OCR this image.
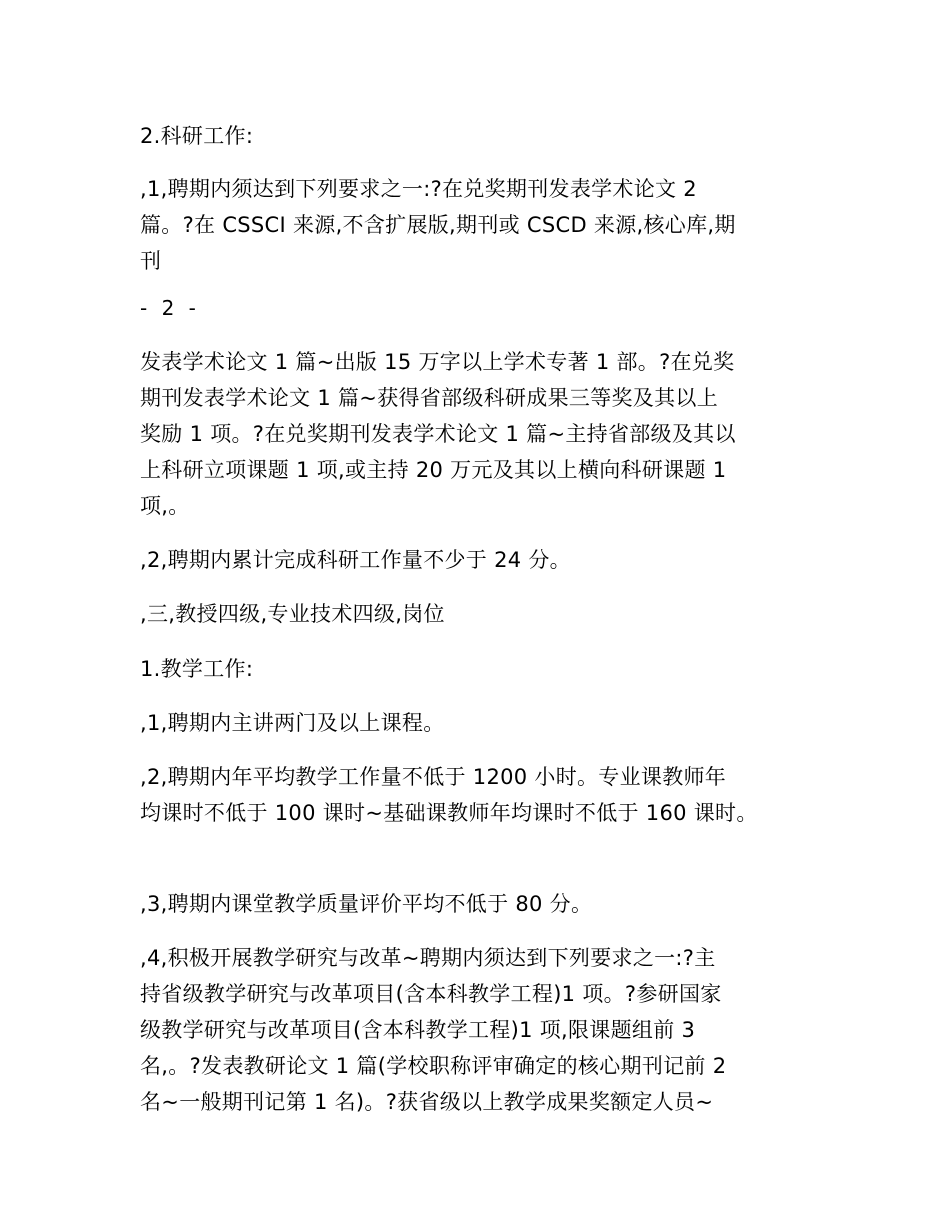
2.科研工作:
,1,聘期内须达到下列要求之一:?在兑奖期刊发表学术论文 2
篇。?在 CSSCI 来源,不含扩展版,期刊或 CSCD 来源,核心库,期
刊
- 2 -
发表学术论文 1 篇~出版 15 万字以上学术专著 1 部。?在兑奖
期刊发表学术论文 1 篇~获得省部级科研成果三等奖及其以上
奖励 1 项。?在兑奖期刊发表学术论文 1 篇~主持省部级及其以
上科研立项课题 1 项,或主持 20 万元及其以上横向科研课题 1
项,。
,2,聘期内累计完成科研工作量不少于 24 分。
,三,教授四级,专业技术四级,岗位
1.教学工作:
,1,聘期内主讲两门及以上课程。
,2,聘期内年平均教学工作量不低于 1200 小时。专业课教师年
均课时不低于 100 课时~基础课教师年均课时不低于 160 课时。
,3,聘期内课堂教学质量评价平均不低于 80 分。
,4,积极开展教学研究与改革~聘期内须达到下列要求之一:?主
持省级教学研究与改革项目(含本科教学工程)1 项。?参研国家
级教学研究与改革项目(含本科教学工程)1 项,限课题组前 3
名,。?发表教研论文 1 篇(学校职称评审确定的核心期刊记前 2
名~一般期刊记第 1 名)。?获省级以上教学成果奖额定人员~
